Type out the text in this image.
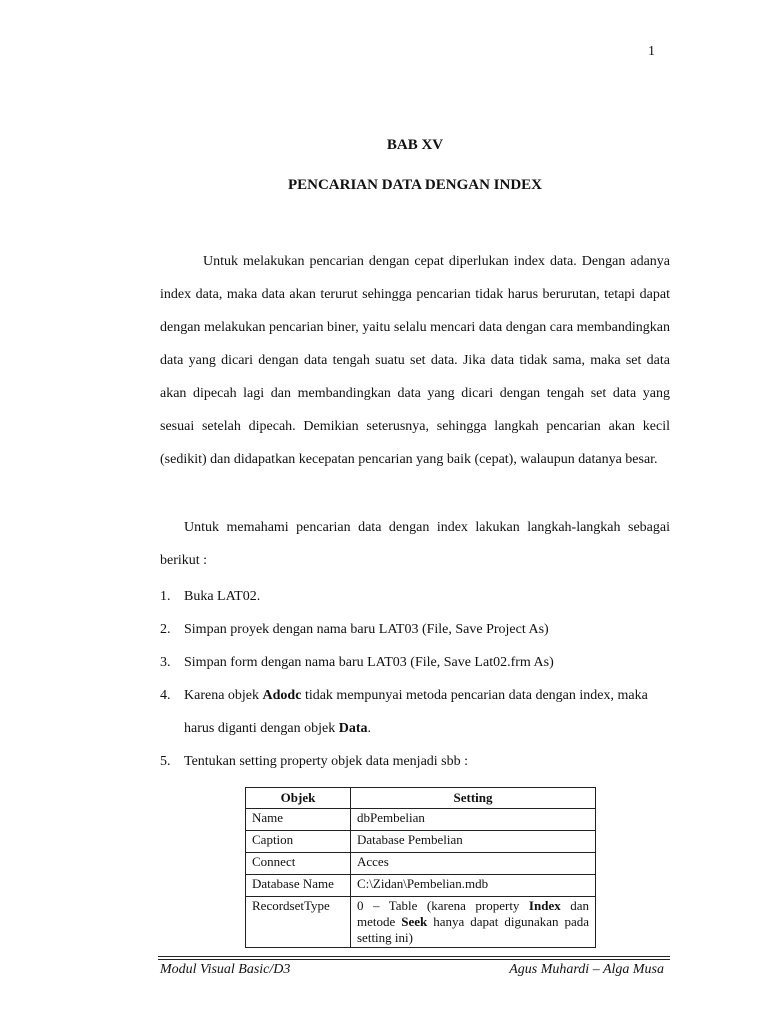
1
BAB XV
PENCARIAN DATA DENGAN INDEX

Untuk melakukan pencarian dengan cepat diperlukan index data. Dengan adanya index data, maka data akan terurut sehingga pencarian tidak harus berurutan, tetapi dapat dengan melakukan pencarian biner, yaitu selalu mencari data dengan cara membandingkan data yang dicari dengan data tengah suatu set data. Jika data tidak sama, maka set data akan dipecah lagi dan membandingkan data yang dicari dengan tengah set data yang sesuai setelah dipecah. Demikian seterusnya, sehingga langkah pencarian akan kecil (sedikit) dan didapatkan kecepatan pencarian yang baik (cepat), walaupun datanya besar.

Untuk memahami pencarian data dengan index lakukan langkah-langkah sebagai berikut :

1. Buka LAT02.
2. Simpan proyek dengan nama baru LAT03 (File, Save Project As)
3. Simpan form dengan nama baru LAT03 (File, Save Lat02.frm As)
4. Karena objek Adodc tidak mempunyai metoda pencarian data dengan index, maka
harus diganti dengan objek Data.
5. Tentukan setting property objek data menjadi sbb :
Objek	Setting
Name	dbPembelian
Caption	Database Pembelian
Connect	Acces
Database Name	C:\Zidan\Pembelian.mdb
RecordsetType	0 – Table (karena property Index dan metode Seek hanya dapat digunakan pada setting ini)
Modul Visual Basic/D3	Agus Muhardi – Alga Musa
